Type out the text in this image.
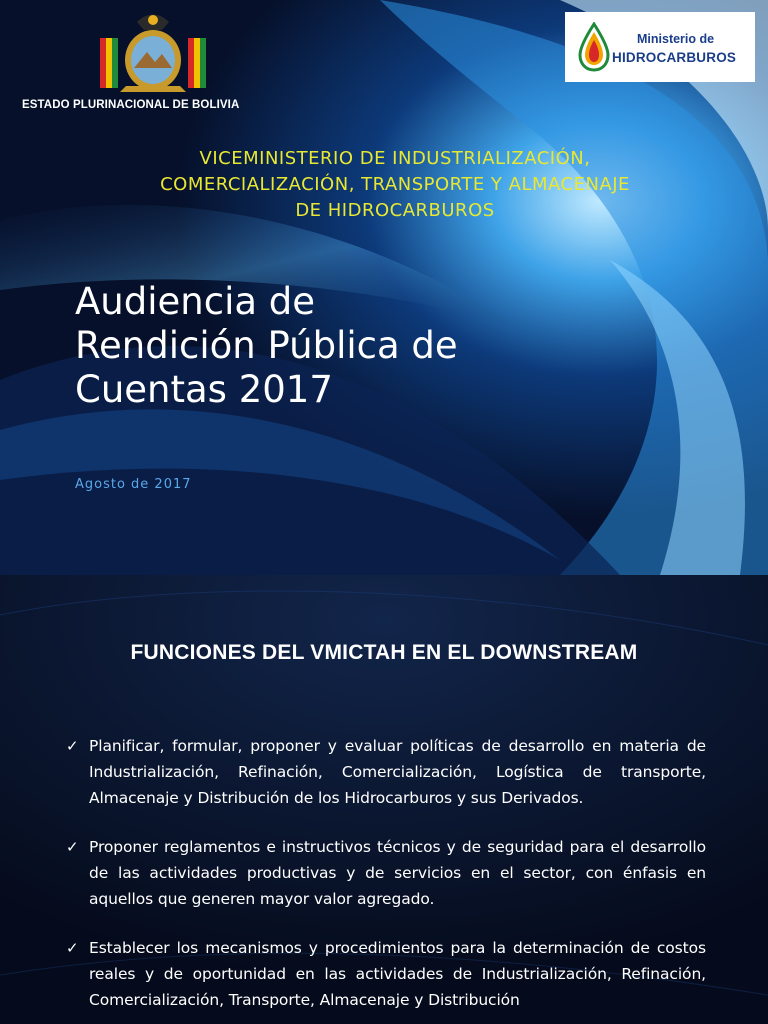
ESTADO PLURINACIONAL DE BOLIVIA
Ministerio de
HIDROCARBUROS
VICEMINISTERIO DE INDUSTRIALIZACIÓN,
COMERCIALIZACIÓN, TRANSPORTE Y ALMACENAJE
DE HIDROCARBUROS
Audiencia de
Rendición Pública de
Cuentas 2017
Agosto de 2017
FUNCIONES DEL VMICTAH EN EL DOWNSTREAM
✓ Planificar, formular, proponer y evaluar políticas de desarrollo en materia de Industrialización, Refinación, Comercialización, Logística de transporte, Almacenaje y Distribución de los Hidrocarburos y sus Derivados.
✓ Proponer reglamentos e instructivos técnicos y de seguridad para el desarrollo de las actividades productivas y de servicios en el sector, con énfasis en aquellos que generen mayor valor agregado.
✓ Establecer los mecanismos y procedimientos para la determinación de costos reales y de oportunidad en las actividades de Industrialización, Refinación, Comercialización, Transporte, Almacenaje y Distribución
